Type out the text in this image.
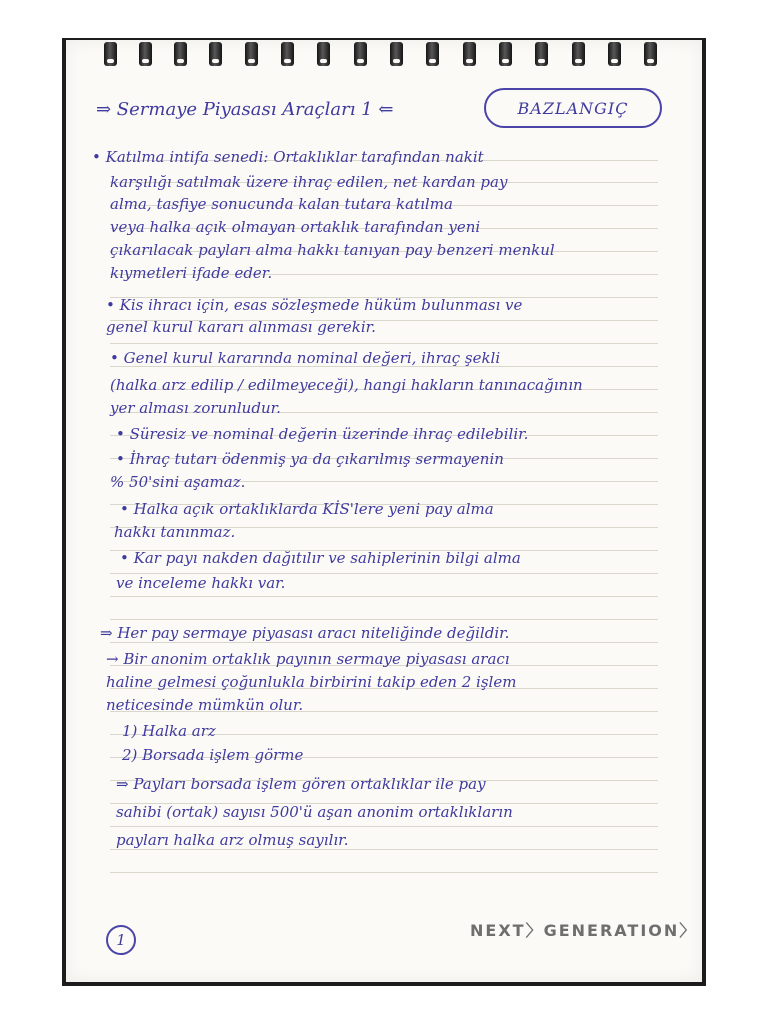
⇒ Sermaye Piyasası Araçları 1 ⇐	BAZLANGIÇ

• Katılma intifa senedi: Ortaklıklar tarafından nakit

karşılığı satılmak üzere ihraç edilen, net kardan pay

alma, tasfiye sonucunda kalan tutara katılma

veya halka açık olmayan ortaklık tarafından yeni

çıkarılacak payları alma hakkı tanıyan pay benzeri menkul

kıymetleri ifade eder.

• Kis ihracı için, esas sözleşmede hüküm bulunması ve

genel kurul kararı alınması gerekir.

• Genel kurul kararında nominal değeri, ihraç şekli

(halka arz edilip / edilmeyeceği), hangi hakların tanınacağının

yer alması zorunludur.

• Süresiz ve nominal değerin üzerinde ihraç edilebilir.

• İhraç tutarı ödenmiş ya da çıkarılmış sermayenin

% 50'sini aşamaz.

• Halka açık ortaklıklarda KİS'lere yeni pay alma

hakkı tanınmaz.

• Kar payı nakden dağıtılır ve sahiplerinin bilgi alma

ve inceleme hakkı var.

⇒ Her pay sermaye piyasası aracı niteliğinde değildir.

→ Bir anonim ortaklık payının sermaye piyasası aracı

haline gelmesi çoğunlukla birbirini takip eden 2 işlem

neticesinde mümkün olur.

1) Halka arz

2) Borsada işlem görme

⇒ Payları borsada işlem gören ortaklıklar ile pay

sahibi (ortak) sayısı 500'ü aşan anonim ortaklıkların

payları halka arz olmuş sayılır.

1	NEXT〉GENERATION〉
